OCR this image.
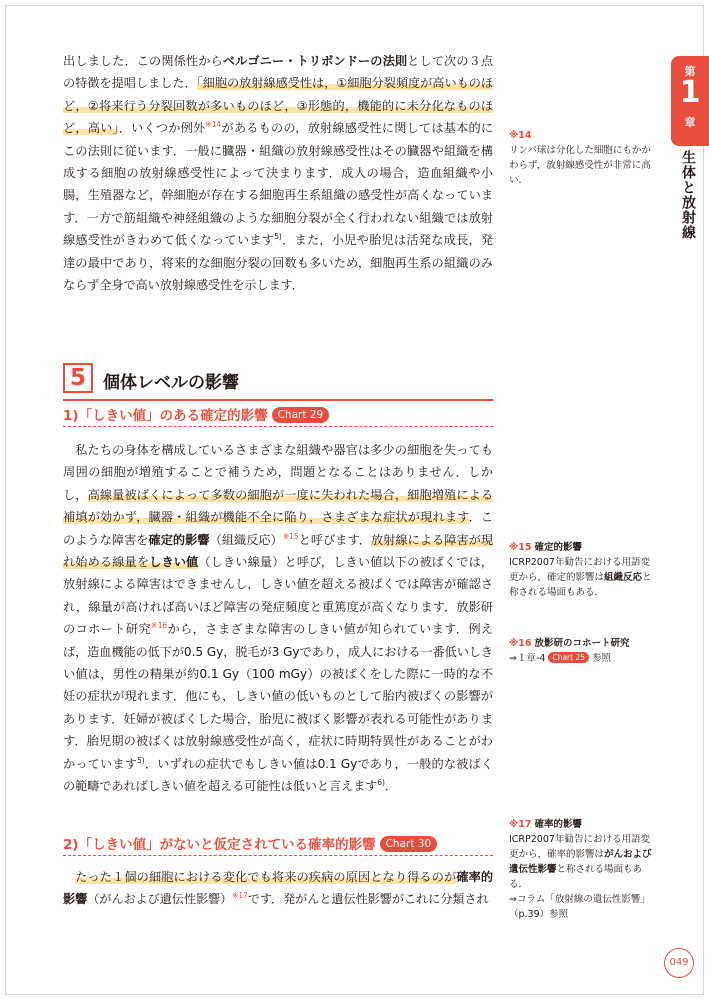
第
1
章
生体と放射線

出しました．この関係性からベルゴニー・トリボンドーの法則として次の３点の特徴を提唱しました．「細胞の放射線感受性は，①細胞分裂頻度が高いものほど，②将来行う分裂回数が多いものほど，③形態的，機能的に未分化なものほど，高い」．いくつか例外$^{※14}$があるものの，放射線感受性に関しては基本的にこの法則に従います．一般に臓器・組織の放射線感受性はその臓器や組織を構成する細胞の放射線感受性によって決まります．成人の場合，造血組織や小腸，生殖器など，幹細胞が存在する細胞再生系組織の感受性が高くなっています．一方で筋組織や神経組織のような細胞分裂が全く行われない組織では放射線感受性がきわめて低くなっています$^{5)}$．また，小児や胎児は活発な成長，発達の最中であり，将来的な細胞分裂の回数も多いため，細胞再生系の組織のみならず全身で高い放射線感受性を示します．

5	個体レベルの影響
1)「しきい値」のある確定的影響 Chart 29

私たちの身体を構成しているさまざまな組織や器官は多少の細胞を失っても周囲の細胞が増殖することで補うため，問題となることはありません．しかし，高線量被ばくによって多数の細胞が一度に失われた場合，細胞増殖による補填が効かず，臓器・組織が機能不全に陥り，さまざまな症状が現れます．このような障害を確定的影響（組織反応）$^{※15}$と呼びます．放射線による障害が現れ始める線量をしきい値（しきい線量）と呼び，しきい値以下の被ばくでは，放射線による障害はできませんし，しきい値を超える被ばくでは障害が確認され，線量が高ければ高いほど障害の発症頻度と重篤度が高くなります．放影研のコホート研究$^{※16}$から，さまざまな障害のしきい値が知られています．例えば，造血機能の低下が0.5 Gy，脱毛が3 Gyであり，成人における一番低いしきい値は，男性の精巣が約0.1 Gy（100 mGy）の被ばくをした際に一時的な不妊の症状が現れます．他にも，しきい値の低いものとして胎内被ばくの影響があります．妊婦が被ばくした場合，胎児に被ばく影響が表れる可能性があります．胎児期の被ばくは放射線感受性が高く，症状に時期特異性があることがわかっています$^{5)}$．いずれの症状でもしきい値は0.1 Gyであり，一般的な被ばくの範疇であればしきい値を超える可能性は低いと言えます$^{6)}$．

2)「しきい値」がないと仮定されている確率的影響 Chart 30

たった１個の細胞における変化でも将来の疾病の原因となり得るのが確率的影響（がんおよび遺伝性影響）$^{※17}$です．発がんと遺伝性影響がこれに分類され

※14

リンパ球は分化した細胞にもかかわらず，放射線感受性が非常に高い．

※15 確定的影響

ICRP2007年勧告における用語変更から，確定的影響は組織反応と称される場面もある．

※16 放影研のコホート研究

⇒１章-4 Chart 25 参照

※17 確率的影響

ICRP2007年勧告における用語変更から，確率的影響はがんおよび遺伝性影響と称される場面もある．

⇒コラム「放射線の遺伝性影響」（p.39）参照

049
